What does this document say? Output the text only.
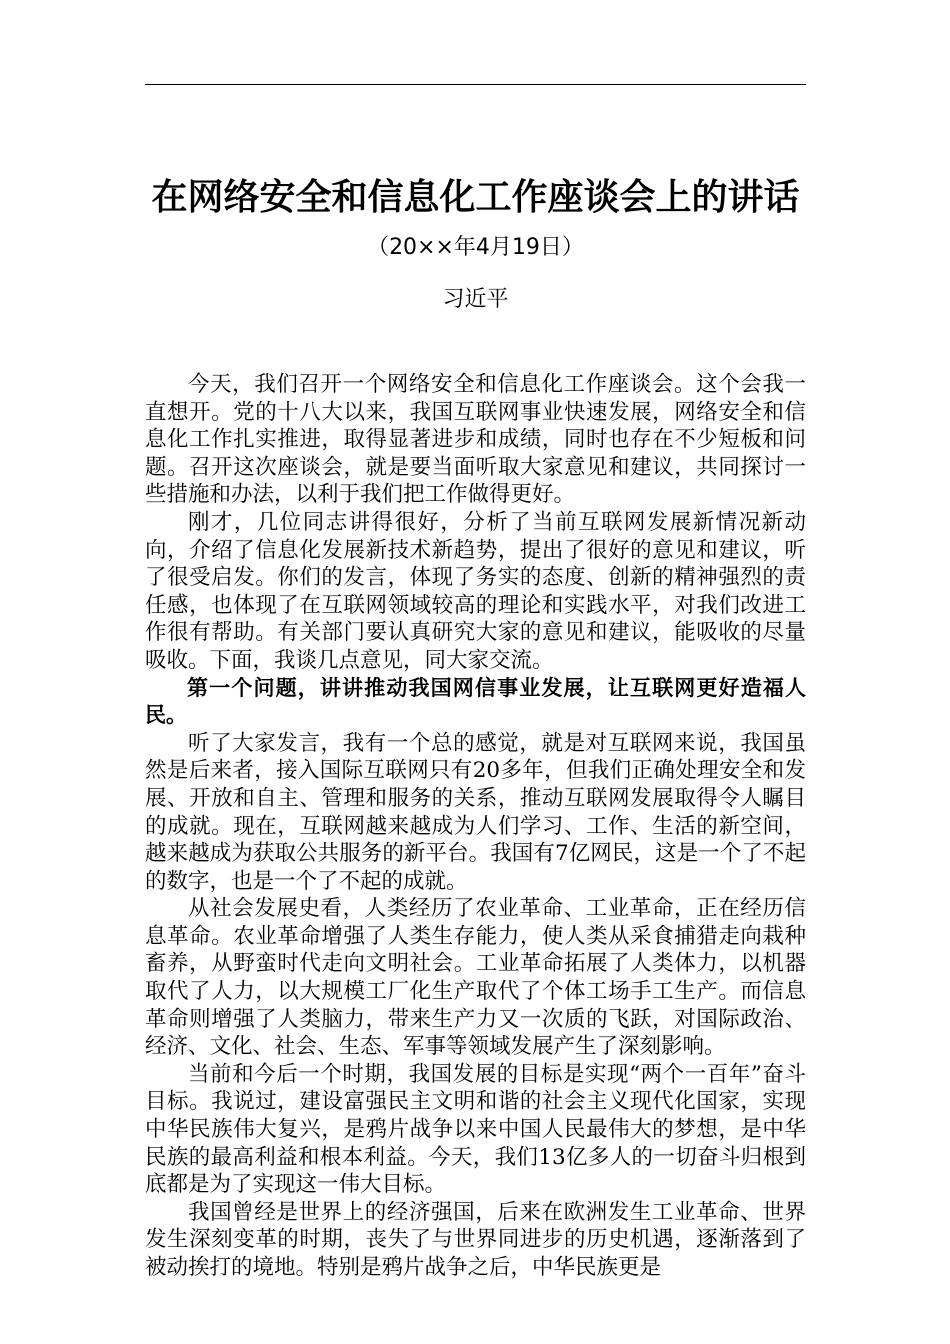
在网络安全和信息化工作座谈会上的讲话
（20××年4月19日）
习近平

今天，我们召开一个网络安全和信息化工作座谈会。这个会我一直想开。党的十八大以来，我国互联网事业快速发展，网络安全和信息化工作扎实推进，取得显著进步和成绩，同时也存在不少短板和问题。召开这次座谈会，就是要当面听取大家意见和建议，共同探讨一些措施和办法，以利于我们把工作做得更好。

刚才，几位同志讲得很好，分析了当前互联网发展新情况新动向，介绍了信息化发展新技术新趋势，提出了很好的意见和建议，听了很受启发。你们的发言，体现了务实的态度、创新的精神强烈的责任感，也体现了在互联网领域较高的理论和实践水平，对我们改进工作很有帮助。有关部门要认真研究大家的意见和建议，能吸收的尽量吸收。下面，我谈几点意见，同大家交流。

第一个问题，讲讲推动我国网信事业发展，让互联网更好造福人民。

听了大家发言，我有一个总的感觉，就是对互联网来说，我国虽然是后来者，接入国际互联网只有20多年，但我们正确处理安全和发展、开放和自主、管理和服务的关系，推动互联网发展取得令人瞩目的成就。现在，互联网越来越成为人们学习、工作、生活的新空间，越来越成为获取公共服务的新平台。我国有7亿网民，这是一个了不起的数字，也是一个了不起的成就。

从社会发展史看，人类经历了农业革命、工业革命，正在经历信息革命。农业革命增强了人类生存能力，使人类从采食捕猎走向栽种畜养，从野蛮时代走向文明社会。工业革命拓展了人类体力，以机器取代了人力，以大规模工厂化生产取代了个体工场手工生产。而信息革命则增强了人类脑力，带来生产力又一次质的飞跃，对国际政治、经济、文化、社会、生态、军事等领域发展产生了深刻影响。

当前和今后一个时期，我国发展的目标是实现“两个一百年”奋斗目标。我说过，建设富强民主文明和谐的社会主义现代化国家，实现中华民族伟大复兴，是鸦片战争以来中国人民最伟大的梦想，是中华民族的最高利益和根本利益。今天，我们13亿多人的一切奋斗归根到底都是为了实现这一伟大目标。

我国曾经是世界上的经济强国，后来在欧洲发生工业革命、世界发生深刻变革的时期，丧失了与世界同进步的历史机遇，逐渐落到了被动挨打的境地。特别是鸦片战争之后，中华民族更是
